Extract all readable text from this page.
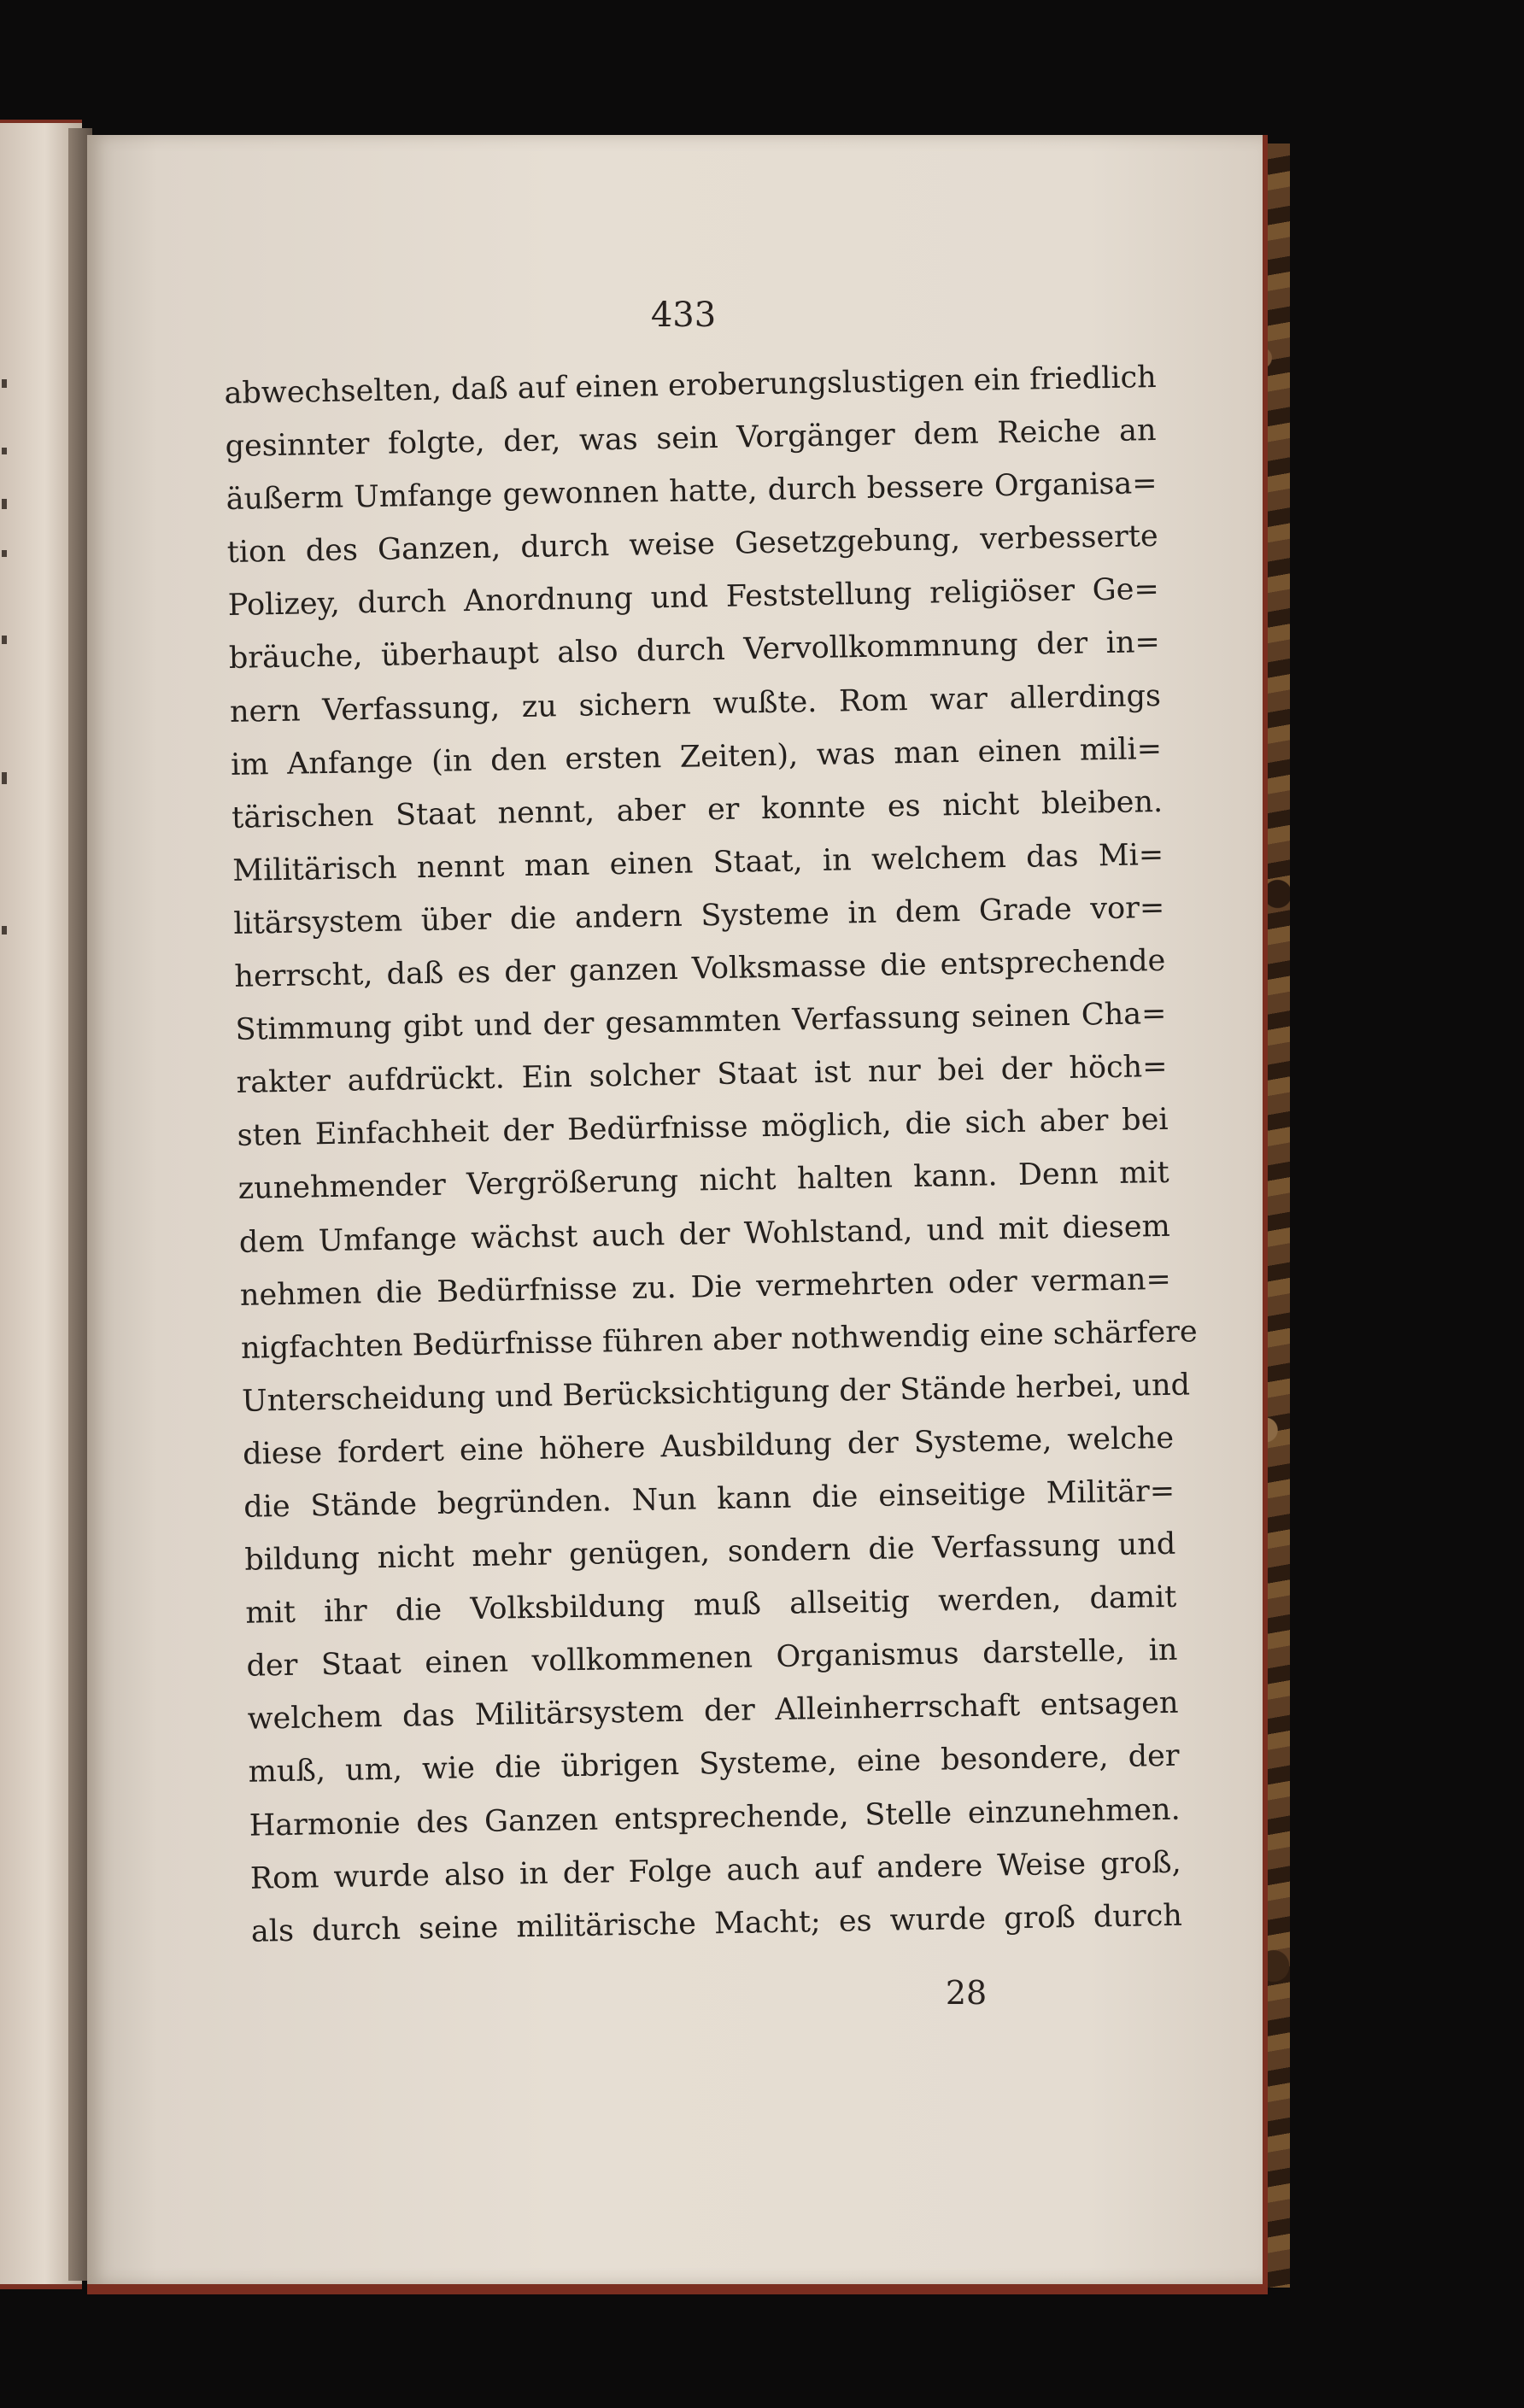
433
abwechselten, daß auf einen eroberungslustigen ein friedlich
gesinnter folgte, der, was sein Vorgänger dem Reiche an
äußerm Umfange gewonnen hatte, durch bessere Organisa=
tion des Ganzen, durch weise Gesetzgebung, verbesserte
Polizey, durch Anordnung und Feststellung religiöser Ge=
bräuche, überhaupt also durch Vervollkommnung der in=
nern Verfassung, zu sichern wußte. Rom war allerdings
im Anfange (in den ersten Zeiten), was man einen mili=
tärischen Staat nennt, aber er konnte es nicht bleiben.
Militärisch nennt man einen Staat, in welchem das Mi=
litärsystem über die andern Systeme in dem Grade vor=
herrscht, daß es der ganzen Volksmasse die entsprechende
Stimmung gibt und der gesammten Verfassung seinen Cha=
rakter aufdrückt. Ein solcher Staat ist nur bei der höch=
sten Einfachheit der Bedürfnisse möglich, die sich aber bei
zunehmender Vergrößerung nicht halten kann. Denn mit
dem Umfange wächst auch der Wohlstand, und mit diesem
nehmen die Bedürfnisse zu. Die vermehrten oder verman=
nigfachten Bedürfnisse führen aber nothwendig eine schärfere
Unterscheidung und Berücksichtigung der Stände herbei, und
diese fordert eine höhere Ausbildung der Systeme, welche
die Stände begründen. Nun kann die einseitige Militär=
bildung nicht mehr genügen, sondern die Verfassung und
mit ihr die Volksbildung muß allseitig werden, damit
der Staat einen vollkommenen Organismus darstelle, in
welchem das Militärsystem der Alleinherrschaft entsagen
muß, um, wie die übrigen Systeme, eine besondere, der
Harmonie des Ganzen entsprechende, Stelle einzunehmen.
Rom wurde also in der Folge auch auf andere Weise groß,
als durch seine militärische Macht; es wurde groß durch
28
